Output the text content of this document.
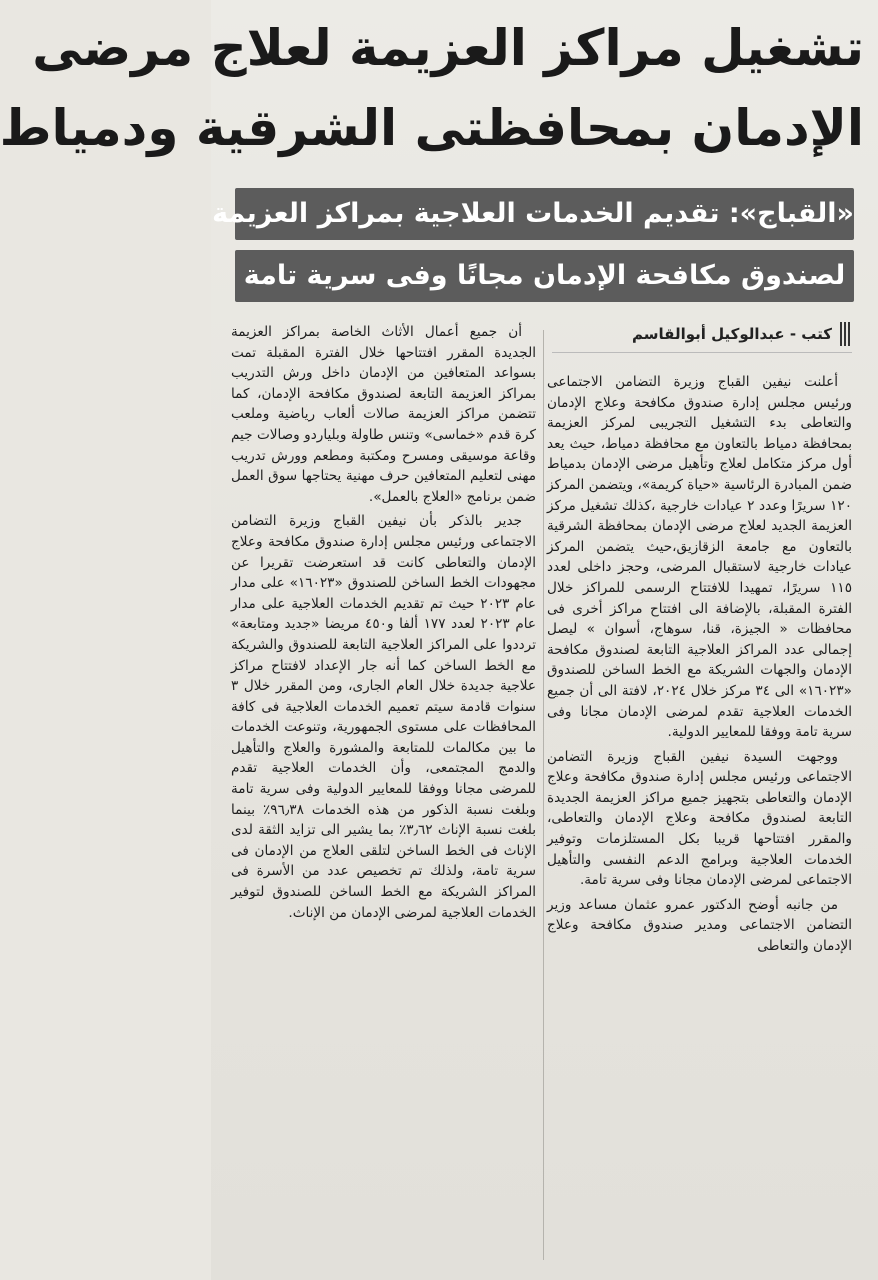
تشغيل مراكز العزيمة لعلاج مرضى
الإدمان بمحافظتى الشرقية ودمياط
«القباج»: تقديم الخدمات العلاجية بمراكز العزيمة
لصندوق مكافحة الإدمان مجانًا وفى سرية تامة
كتب - عبدالوكيل أبوالقاسم

أعلنت نيفين القباج وزيرة التضامن الاجتماعى ورئيس مجلس إدارة صندوق مكافحة وعلاج الإدمان والتعاطى بدء التشغيل التجريبى لمركز العزيمة بمحافظة دمياط بالتعاون مع محافظة دمياط، حيث يعد أول مركز متكامل لعلاج وتأهيل مرضى الإدمان بدمياط ضمن المبادرة الرئاسية «حياة كريمة»، ويتضمن المركز ١٢٠ سريرًا وعدد ٢ عيادات خارجية ،كذلك تشغيل مركز العزيمة الجديد لعلاج مرضى الإدمان بمحافظة الشرقية بالتعاون مع جامعة الزقازيق،حيث يتضمن المركز عيادات خارجية لاستقبال المرضى، وحجز داخلى لعدد ١١٥ سريرًا، تمهيدا للافتتاح الرسمى للمراكز خلال الفترة المقبلة، بالإضافة الى افتتاح مراكز أخرى فى محافظات « الجيزة، قنا، سوهاج، أسوان » ليصل إجمالى عدد المراكز العلاجية التابعة لصندوق مكافحة الإدمان والجهات الشريكة مع الخط الساخن للصندوق «١٦٠٢٣» الى ٣٤ مركز خلال ٢٠٢٤، لافتة الى أن جميع الخدمات العلاجية تقدم لمرضى الإدمان مجانا وفى سرية تامة ووفقا للمعايير الدولية.

ووجهت السيدة نيفين القباج وزيرة التضامن الاجتماعى ورئيس مجلس إدارة صندوق مكافحة وعلاج الإدمان والتعاطى بتجهيز جميع مراكز العزيمة الجديدة التابعة لصندوق مكافحة وعلاج الإدمان والتعاطى، والمقرر افتتاحها قريبا بكل المستلزمات وتوفير الخدمات العلاجية وبرامج الدعم النفسى والتأهيل الاجتماعى لمرضى الإدمان مجانا وفى سرية تامة.

من جانبه أوضح الدكتور عمرو عثمان مساعد وزير التضامن الاجتماعى ومدير صندوق مكافحة وعلاج الإدمان والتعاطى

أن جميع أعمال الأثاث الخاصة بمراكز العزيمة الجديدة المقرر افتتاحها خلال الفترة المقبلة تمت بسواعد المتعافين من الإدمان داخل ورش التدريب بمراكز العزيمة التابعة لصندوق مكافحة الإدمان، كما تتضمن مراكز العزيمة صالات ألعاب رياضية وملعب كرة قدم «خماسى» وتنس طاولة وبلياردو وصالات جيم وقاعة موسيقى ومسرح ومكتبة ومطعم وورش تدريب مهنى لتعليم المتعافين حرف مهنية يحتاجها سوق العمل ضمن برنامج «العلاج بالعمل».

جدير بالذكر بأن نيفين القباج وزيرة التضامن الاجتماعى ورئيس مجلس إدارة صندوق مكافحة وعلاج الإدمان والتعاطى كانت قد استعرضت تقريرا عن مجهودات الخط الساخن للصندوق «١٦٠٢٣» على مدار عام ٢٠٢٣ حيث تم تقديم الخدمات العلاجية على مدار عام ٢٠٢٣ لعدد ١٧٧ ألفا و٤٥٠ مريضا «جديد ومتابعة» ترددوا على المراكز العلاجية التابعة للصندوق والشريكة مع الخط الساخن كما أنه جار الإعداد لافتتاح مراكز علاجية جديدة خلال العام الجارى، ومن المقرر خلال ٣ سنوات قادمة سيتم تعميم الخدمات العلاجية فى كافة المحافظات على مستوى الجمهورية، وتنوعت الخدمات ما بين مكالمات للمتابعة والمشورة والعلاج والتأهيل والدمج المجتمعى، وأن الخدمات العلاجية تقدم للمرضى مجانا ووفقا للمعايير الدولية وفى سرية تامة وبلغت نسبة الذكور من هذه الخدمات ٩٦٫٣٨٪ بينما بلغت نسبة الإناث ٣٫٦٢٪ بما يشير الى تزايد الثقة لدى الإناث فى الخط الساخن لتلقى العلاج من الإدمان فى سرية تامة، ولذلك تم تخصيص عدد من الأسرة فى المراكز الشريكة مع الخط الساخن للصندوق لتوفير الخدمات العلاجية لمرضى الإدمان من الإناث.
